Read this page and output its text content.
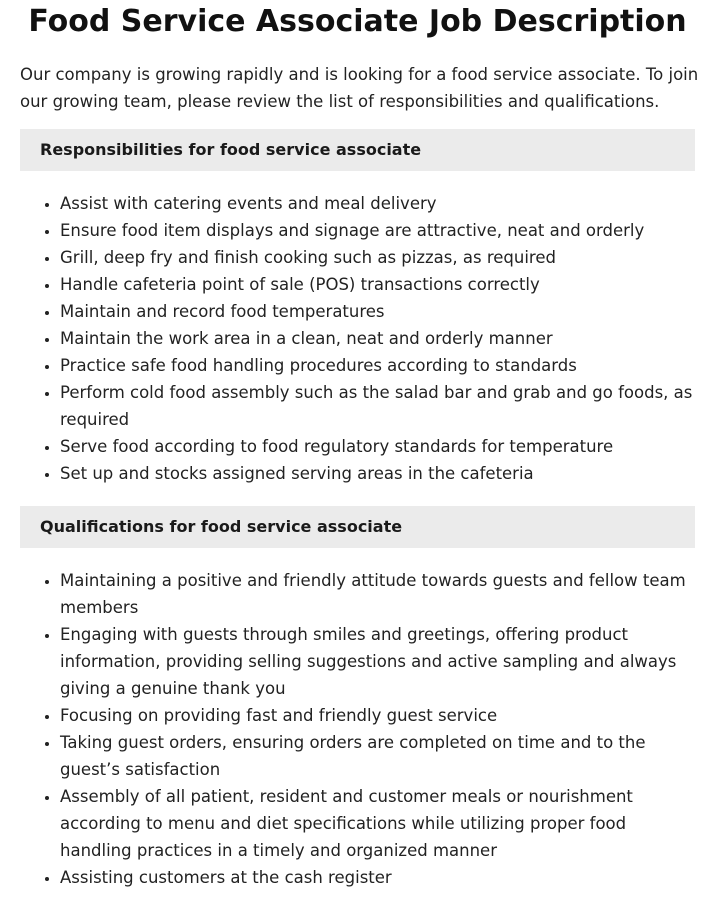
Food Service Associate Job Description

Our company is growing rapidly and is looking for a food service associate. To join our growing team, please review the list of responsibilities and qualifications.

Responsibilities for food service associate
• Assist with catering events and meal delivery
• Ensure food item displays and signage are attractive, neat and orderly
• Grill, deep fry and finish cooking such as pizzas, as required
• Handle cafeteria point of sale (POS) transactions correctly
• Maintain and record food temperatures
• Maintain the work area in a clean, neat and orderly manner
• Practice safe food handling procedures according to standards
• Perform cold food assembly such as the salad bar and grab and go foods, as required
• Serve food according to food regulatory standards for temperature
• Set up and stocks assigned serving areas in the cafeteria
Qualifications for food service associate
• Maintaining a positive and friendly attitude towards guests and fellow team members
• Engaging with guests through smiles and greetings, offering product information, providing selling suggestions and active sampling and always giving a genuine thank you
• Focusing on providing fast and friendly guest service
• Taking guest orders, ensuring orders are completed on time and to the guest’s satisfaction
• Assembly of all patient, resident and customer meals or nourishment according to menu and diet specifications while utilizing proper food handling practices in a timely and organized manner
• Assisting customers at the cash register
